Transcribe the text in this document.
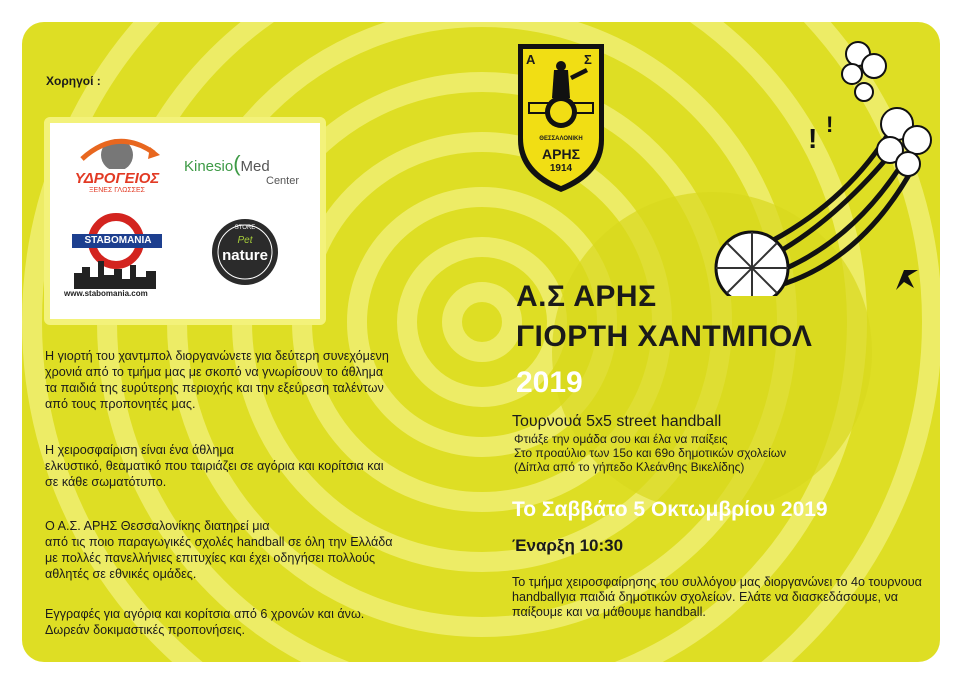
Χορηγοί :
ΥΔΡΟΓΕΙΟΣ
ΞΕΝΕΣ ΓΛΩΣΣΕΣ
Kinesio(Med
Center
STABOMANIA
www.stabomania.com
STORE
Pet
nature
Α	Σ
ΘΕΣΣΑΛΟΝΙΚΗ
ΑΡΗΣ
1914
! !
Η γιορτή του χαντμπολ διοργανώνετε για δεύτερη συνεχόμενη
χρονιά από το τμήμα μας με σκοπό να γνωρίσουν το άθλημα
τα παιδιά της ευρύτερης περιοχής και την εξεύρεση ταλέντων
από τους προπονητές μας.
Η χειροσφαίριση είναι ένα άθλημα
ελκυστικό, θεαματικό που ταιριάζει σε αγόρια και κορίτσια και
σε κάθε σωματότυπο.
Ο Α.Σ. ΑΡΗΣ Θεσσαλονίκης διατηρεί μια
από τις ποιο παραγωγικές σχολές handball σε όλη την Ελλάδα
με πολλές πανελλήνιες επιτυχίες και έχει οδηγήσει πολλούς
αθλητές σε εθνικές ομάδες.
Εγγραφές για αγόρια και κορίτσια από 6 χρονών και άνω.
Δωρεάν δοκιμαστικές προπονήσεις.
Α.Σ ΑΡΗΣ
ΓΙΟΡΤΗ ΧΑΝΤΜΠΟΛ
2019
Τουρνουά 5x5 street handball
Φτιάξε την ομάδα σου και έλα να παίξεις
Στο προαύλιο των 15ο και 69ο δημοτικών σχολείων
(Δίπλα από το γήπεδο Κλεάνθης Βικελίδης)
Το Σαββάτο 5 Οκτωμβρίου 2019
Έναρξη 10:30
Το τμήμα χειροσφαίρησης του συλλόγου μας διοργανώνει το 4ο τουρνουα handballγια παιδιά δημοτικών σχολείων. Ελάτε να διασκεδάσουμε, να παίξουμε και να μάθουμε handball.
